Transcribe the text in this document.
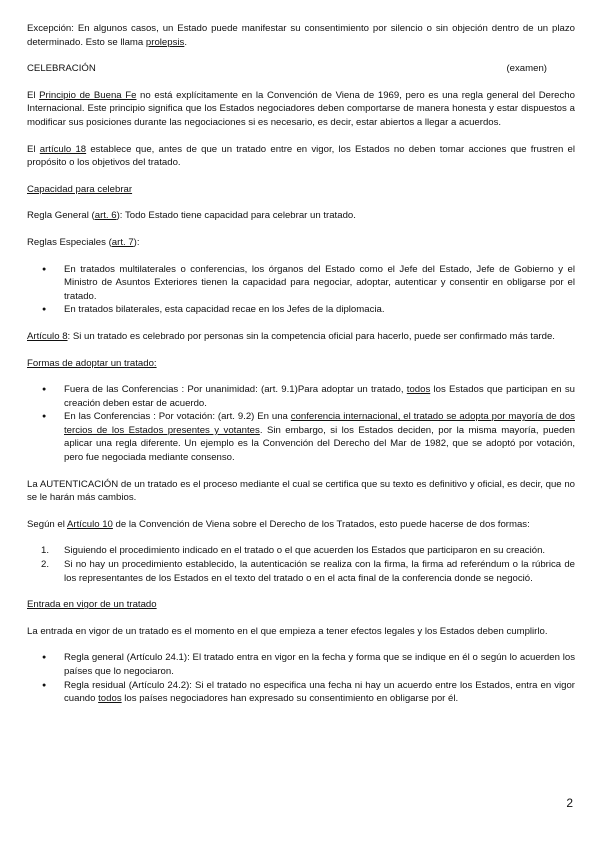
Excepción: En algunos casos, un Estado puede manifestar su consentimiento por silencio o sin objeción dentro de un plazo determinado. Esto se llama prolepsis.

CELEBRACIÓN	(examen)

El Principio de Buena Fe no está explícitamente en la Convención de Viena de 1969, pero es una regla general del Derecho Internacional. Este principio significa que los Estados negociadores deben comportarse de manera honesta y estar dispuestos a modificar sus posiciones durante las negociaciones si es necesario, es decir, estar abiertos a llegar a acuerdos.

El artículo 18 establece que, antes de que un tratado entre en vigor, los Estados no deben tomar acciones que frustren el propósito o los objetivos del tratado.

Capacidad para celebrar

Regla General (art. 6): Todo Estado tiene capacidad para celebrar un tratado.

Reglas Especiales (art. 7):

● En tratados multilaterales o conferencias, los órganos del Estado como el Jefe del Estado, Jefe de Gobierno y el Ministro de Asuntos Exteriores tienen la capacidad para negociar, adoptar, autenticar y consentir en obligarse por el tratado.
● En tratados bilaterales, esta capacidad recae en los Jefes de la diplomacia.

Artículo 8: Si un tratado es celebrado por personas sin la competencia oficial para hacerlo, puede ser confirmado más tarde.

Formas de adoptar un tratado:

● Fuera de las Conferencias : Por unanimidad: (art. 9.1)Para adoptar un tratado, todos los Estados que participan en su creación deben estar de acuerdo.
● En las Conferencias : Por votación: (art. 9.2) En una conferencia internacional, el tratado se adopta por mayoría de dos tercios de los Estados presentes y votantes. Sin embargo, si los Estados deciden, por la misma mayoría, pueden aplicar una regla diferente. Un ejemplo es la Convención del Derecho del Mar de 1982, que se adoptó por votación, pero fue negociada mediante consenso.

La AUTENTICACIÓN de un tratado es el proceso mediante el cual se certifica que su texto es definitivo y oficial, es decir, que no se le harán más cambios.

Según el Artículo 10 de la Convención de Viena sobre el Derecho de los Tratados, esto puede hacerse de dos formas:

1. Siguiendo el procedimiento indicado en el tratado o el que acuerden los Estados que participaron en su creación.
2. Si no hay un procedimiento establecido, la autenticación se realiza con la firma, la firma ad referéndum o la rúbrica de los representantes de los Estados en el texto del tratado o en el acta final de la conferencia donde se negoció.

Entrada en vigor de un tratado

La entrada en vigor de un tratado es el momento en el que empieza a tener efectos legales y los Estados deben cumplirlo.

● Regla general (Artículo 24.1): El tratado entra en vigor en la fecha y forma que se indique en él o según lo acuerden los países que lo negociaron.
● Regla residual (Artículo 24.2): Si el tratado no especifica una fecha ni hay un acuerdo entre los Estados, entra en vigor cuando todos los países negociadores han expresado su consentimiento en obligarse por él.
2
